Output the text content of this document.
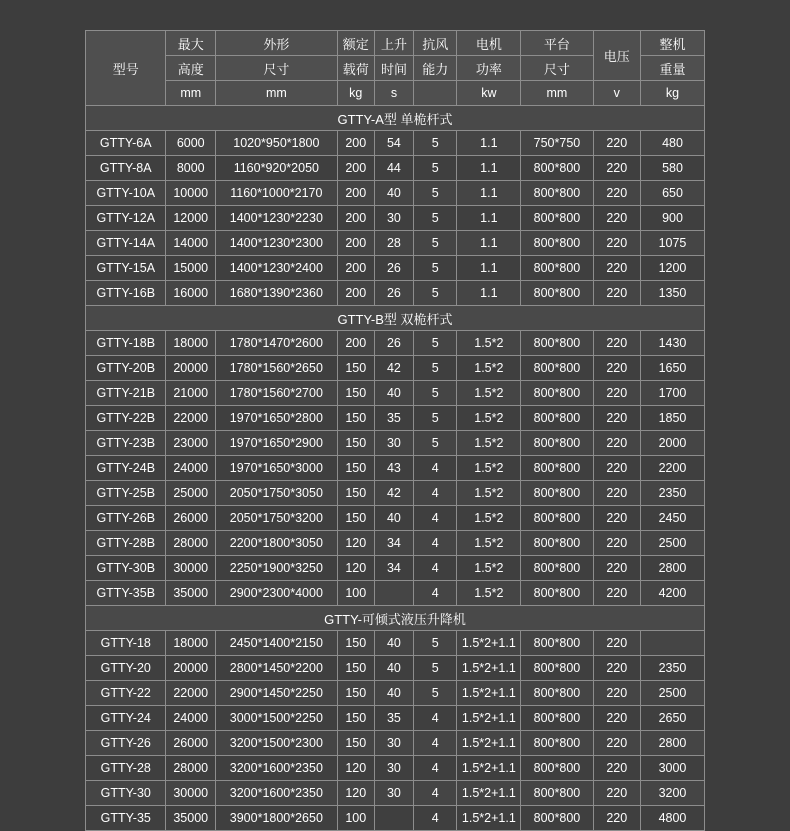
型号	最大	外形	额定	上升	抗风	电机	平台	电压	整机
	高度	尺寸	载荷	时间	能力	功率	尺寸		重量
	mm	mm	kg	s		kw	mm	v	kg
GTTY-A型 单桅杆式									
GTTY-6A	6000	1020*950*1800	200	54	5	1.1	750*750	220	480
GTTY-8A	8000	1160*920*2050	200	44	5	1.1	800*800	220	580
GTTY-10A	10000	1160*1000*2170	200	40	5	1.1	800*800	220	650
GTTY-12A	12000	1400*1230*2230	200	30	5	1.1	800*800	220	900
GTTY-14A	14000	1400*1230*2300	200	28	5	1.1	800*800	220	1075
GTTY-15A	15000	1400*1230*2400	200	26	5	1.1	800*800	220	1200
GTTY-16B	16000	1680*1390*2360	200	26	5	1.1	800*800	220	1350
GTTY-B型 双桅杆式									
GTTY-18B	18000	1780*1470*2600	200	26	5	1.5*2	800*800	220	1430
GTTY-20B	20000	1780*1560*2650	150	42	5	1.5*2	800*800	220	1650
GTTY-21B	21000	1780*1560*2700	150	40	5	1.5*2	800*800	220	1700
GTTY-22B	22000	1970*1650*2800	150	35	5	1.5*2	800*800	220	1850
GTTY-23B	23000	1970*1650*2900	150	30	5	1.5*2	800*800	220	2000
GTTY-24B	24000	1970*1650*3000	150	43	4	1.5*2	800*800	220	2200
GTTY-25B	25000	2050*1750*3050	150	42	4	1.5*2	800*800	220	2350
GTTY-26B	26000	2050*1750*3200	150	40	4	1.5*2	800*800	220	2450
GTTY-28B	28000	2200*1800*3050	120	34	4	1.5*2	800*800	220	2500
GTTY-30B	30000	2250*1900*3250	120	34	4	1.5*2	800*800	220	2800
GTTY-35B	35000	2900*2300*4000	100		4	1.5*2	800*800	220	4200
GTTY-可倾式液压升降机									
GTTY-18	18000	2450*1400*2150	150	40	5	1.5*2+1.1	800*800	220	
GTTY-20	20000	2800*1450*2200	150	40	5	1.5*2+1.1	800*800	220	2350
GTTY-22	22000	2900*1450*2250	150	40	5	1.5*2+1.1	800*800	220	2500
GTTY-24	24000	3000*1500*2250	150	35	4	1.5*2+1.1	800*800	220	2650
GTTY-26	26000	3200*1500*2300	150	30	4	1.5*2+1.1	800*800	220	2800
GTTY-28	28000	3200*1600*2350	120	30	4	1.5*2+1.1	800*800	220	3000
GTTY-30	30000	3200*1600*2350	120	30	4	1.5*2+1.1	800*800	220	3200
GTTY-35	35000	3900*1800*2650	100		4	1.5*2+1.1	800*800	220	4800
